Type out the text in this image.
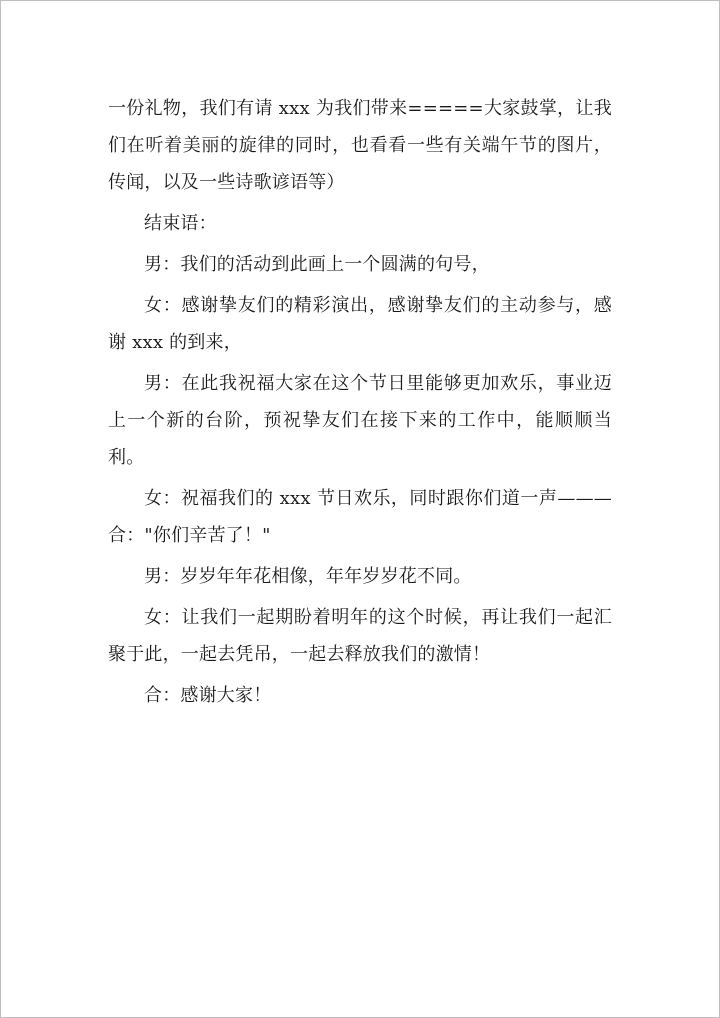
一份礼物，我们有请 xxx 为我们带来=====大家鼓掌，让我们在听着美丽的旋律的同时，也看看一些有关端午节的图片，传闻，以及一些诗歌谚语等）

结束语：

男：我们的活动到此画上一个圆满的句号，

女：感谢挚友们的精彩演出，感谢挚友们的主动参与，感谢 xxx 的到来，

男：在此我祝福大家在这个节日里能够更加欢乐，事业迈上一个新的台阶，预祝挚友们在接下来的工作中，能顺顺当利。

女：祝福我们的 xxx 节日欢乐，同时跟你们道一声———合："你们辛苦了！"

男：岁岁年年花相像，年年岁岁花不同。

女：让我们一起期盼着明年的这个时候，再让我们一起汇聚于此，一起去凭吊，一起去释放我们的激情！

合：感谢大家！
